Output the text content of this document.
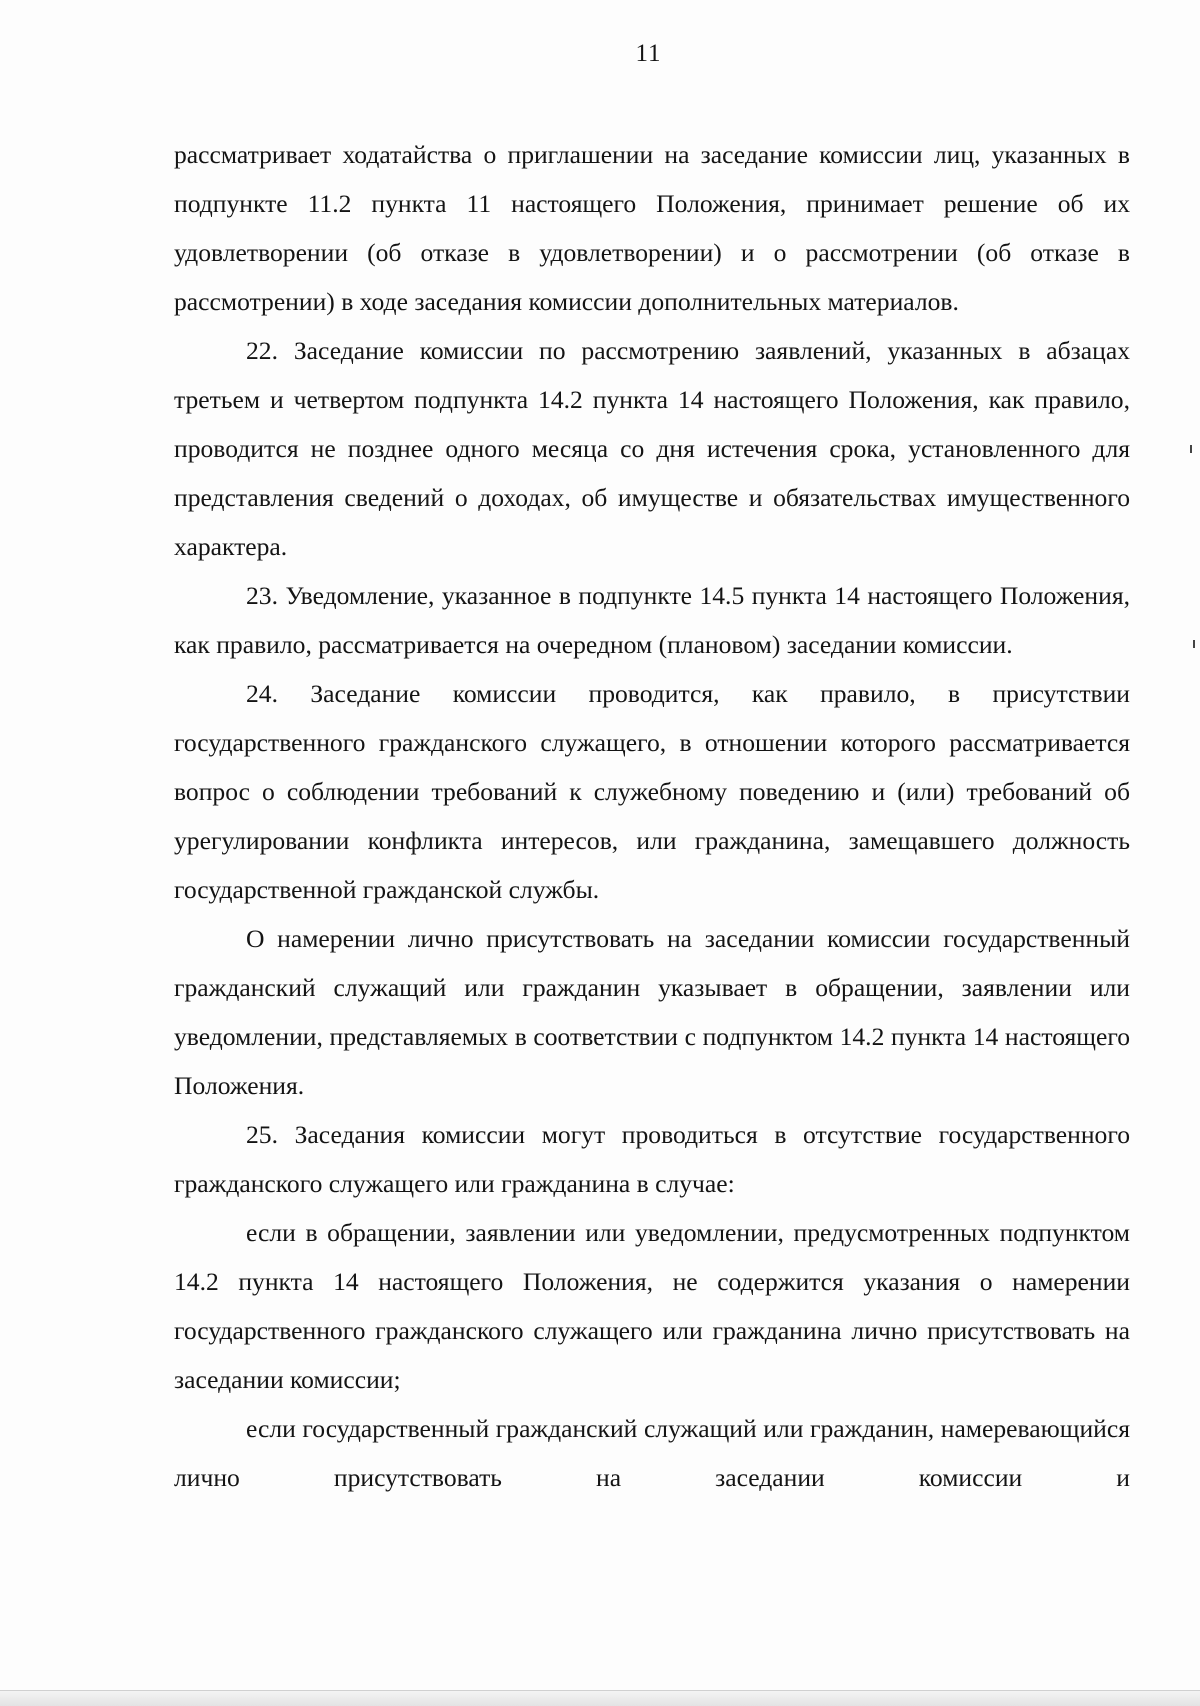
11

рассматривает ходатайства о приглашении на заседание комиссии лиц, указанных в подпункте 11.2 пункта 11 настоящего Положения, принимает решение об их удовлетворении (об отказе в удовлетворении) и о рассмотрении (об отказе в рассмотрении) в ходе заседания комиссии дополнительных материалов.

22. Заседание комиссии по рассмотрению заявлений, указанных в абзацах третьем и четвертом подпункта 14.2 пункта 14 настоящего Положения, как правило, проводится не позднее одного месяца со дня истечения срока, установленного для представления сведений о доходах, об имуществе и обязательствах имущественного характера.

23. Уведомление, указанное в подпункте 14.5 пункта 14 настоящего Положения, как правило, рассматривается на очередном (плановом) заседании комиссии.

24. Заседание комиссии проводится, как правило, в присутствии государственного гражданского служащего, в отношении которого рассматривается вопрос о соблюдении требований к служебному поведению и (или) требований об урегулировании конфликта интересов, или гражданина, замещавшего должность государственной гражданской службы.

О намерении лично присутствовать на заседании комиссии государственный гражданский служащий или гражданин указывает в обращении, заявлении или уведомлении, представляемых в соответствии с подпунктом 14.2 пункта 14 настоящего Положения.

25. Заседания комиссии могут проводиться в отсутствие государственного гражданского служащего или гражданина в случае:

если в обращении, заявлении или уведомлении, предусмотренных подпунктом 14.2 пункта 14 настоящего Положения, не содержится указания о намерении государственного гражданского служащего или гражданина лично присутствовать на заседании комиссии;

если государственный гражданский служащий или гражданин, намеревающийся лично присутствовать на заседании комиссии и
